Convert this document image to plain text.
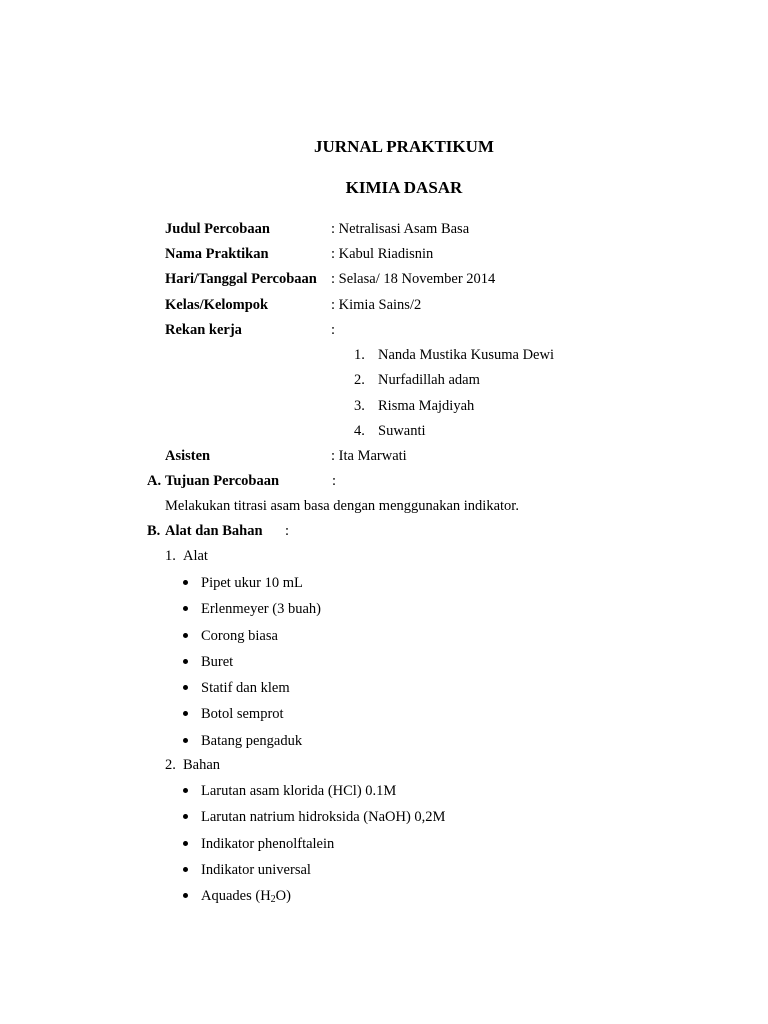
JURNAL PRAKTIKUM
KIMIA DASAR
Judul Percobaan	: Netralisasi Asam Basa
Nama Praktikan	: Kabul Riadisnin
Hari/Tanggal Percobaan : Selasa/ 18 November 2014
Kelas/Kelompok	: Kimia Sains/2
Rekan kerja	:
1. Nanda Mustika Kusuma Dewi
2. Nurfadillah adam
3. Risma Majdiyah
4. Suwanti
Asisten	: Ita Marwati
A. Tujuan Percobaan	:
Melakukan titrasi asam basa dengan menggunakan indikator.
B. Alat dan Bahan :
1. Alat
Pipet ukur 10 mL
Erlenmeyer (3 buah)
Corong biasa
Buret
Statif dan klem
Botol semprot
Batang pengaduk
2. Bahan
Larutan asam klorida (HCl) 0.1M
Larutan natrium hidroksida (NaOH) 0,2M
Indikator phenolftalein
Indikator universal
Aquades $(H_2O)$
